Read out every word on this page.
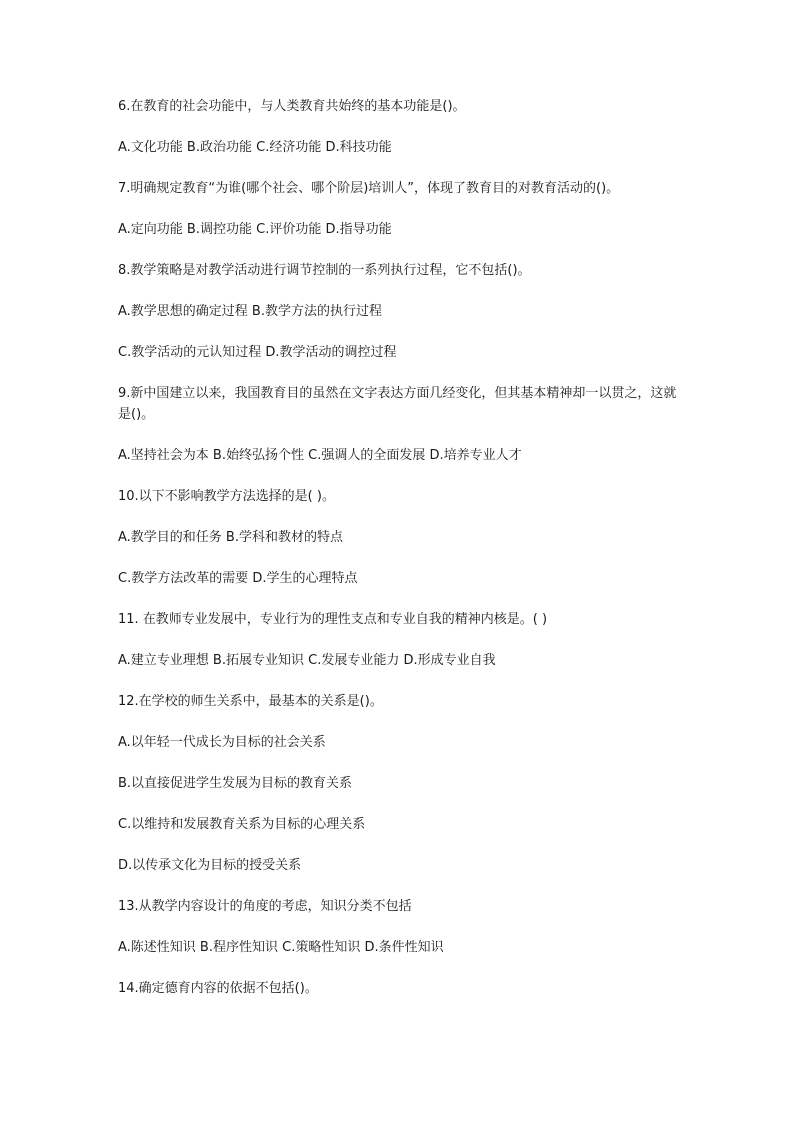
6.在教育的社会功能中，与人类教育共始终的基本功能是()。

A.文化功能 B.政治功能 C.经济功能 D.科技功能

7.明确规定教育“为谁(哪个社会、哪个阶层)培训人”，体现了教育目的对教育活动的()。

A.定向功能 B.调控功能 C.评价功能 D.指导功能

8.教学策略是对教学活动进行调节控制的一系列执行过程，它不包括()。

A.教学思想的确定过程 B.教学方法的执行过程

C.教学活动的元认知过程 D.教学活动的调控过程

9.新中国建立以来，我国教育目的虽然在文字表达方面几经变化，但其基本精神却一以贯之，这就是()。

A.坚持社会为本 B.始终弘扬个性 C.强调人的全面发展 D.培养专业人才

10.以下不影响教学方法选择的是( )。

A.教学目的和任务 B.学科和教材的特点

C.教学方法改革的需要 D.学生的心理特点

11. 在教师专业发展中，专业行为的理性支点和专业自我的精神内核是。( )

A.建立专业理想 B.拓展专业知识 C.发展专业能力 D.形成专业自我

12.在学校的师生关系中，最基本的关系是()。

A.以年轻一代成长为目标的社会关系

B.以直接促进学生发展为目标的教育关系

C.以维持和发展教育关系为目标的心理关系

D.以传承文化为目标的授受关系

13.从教学内容设计的角度的考虑，知识分类不包括

A.陈述性知识 B.程序性知识 C.策略性知识 D.条件性知识

14.确定德育内容的依据不包括()。
